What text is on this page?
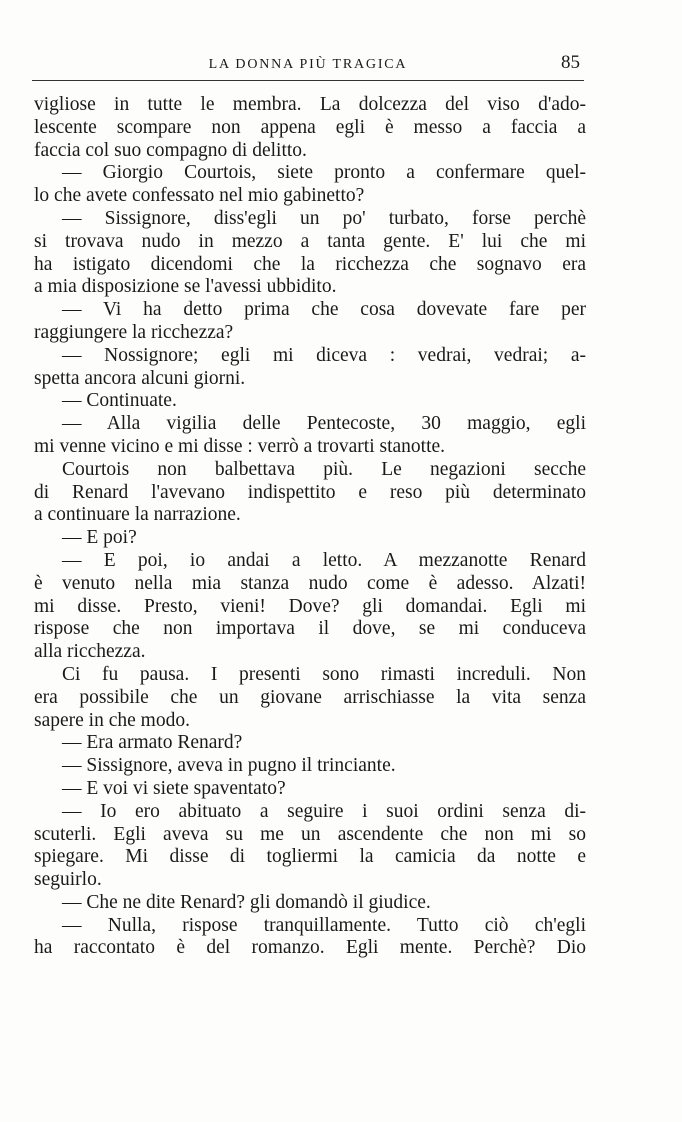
LA DONNA PIÙ TRAGICA	85
vigliose in tutte le membra. La dolcezza del viso d'ado-
lescente scompare non appena egli è messo a faccia a
faccia col suo compagno di delitto.
— Giorgio Courtois, siete pronto a confermare quel-
lo che avete confessato nel mio gabinetto?
— Sissignore, diss'egli un po' turbato, forse perchè
si trovava nudo in mezzo a tanta gente. E' lui che mi
ha istigato dicendomi che la ricchezza che sognavo era
a mia disposizione se l'avessi ubbidito.
— Vi ha detto prima che cosa dovevate fare per
raggiungere la ricchezza?
— Nossignore; egli mi diceva : vedrai, vedrai; a-
spetta ancora alcuni giorni.
— Continuate.
— Alla vigilia delle Pentecoste, 30 maggio, egli
mi venne vicino e mi disse : verrò a trovarti stanotte.
Courtois non balbettava più. Le negazioni secche
di Renard l'avevano indispettito e reso più determinato
a continuare la narrazione.
— E poi?
— E poi, io andai a letto. A mezzanotte Renard
è venuto nella mia stanza nudo come è adesso. Alzati!
mi disse. Presto, vieni! Dove? gli domandai. Egli mi
rispose che non importava il dove, se mi conduceva
alla ricchezza.
Ci fu pausa. I presenti sono rimasti increduli. Non
era possibile che un giovane arrischiasse la vita senza
sapere in che modo.
— Era armato Renard?
— Sissignore, aveva in pugno il trinciante.
— E voi vi siete spaventato?
— Io ero abituato a seguire i suoi ordini senza di-
scuterli. Egli aveva su me un ascendente che non mi so
spiegare. Mi disse di togliermi la camicia da notte e
seguirlo.
— Che ne dite Renard? gli domandò il giudice.
— Nulla, rispose tranquillamente. Tutto ciò ch'egli
ha raccontato è del romanzo. Egli mente. Perchè? Dio
